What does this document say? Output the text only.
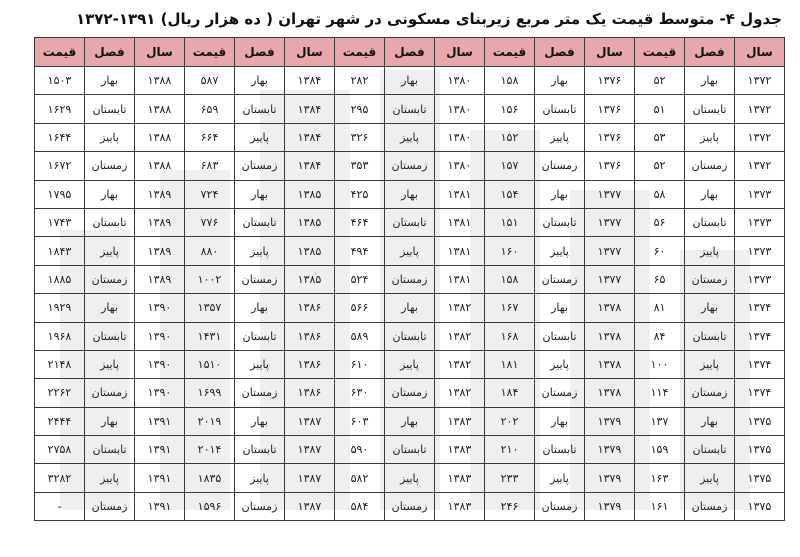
جدول ۴- متوسط قیمت یک متر مربع زیربنای مسکونی در شهر تهران ( ده هزار ریال) ۱۳۹۱-۱۳۷۲
سال	فصل	قیمت	سال	فصل	قیمت	سال	فصل	قیمت	سال	فصل	قیمت	سال	فصل	قیمت
۱۳۷۲	بهار	۵۲	۱۳۷۶	بهار	۱۵۸	۱۳۸۰	بهار	۲۸۲	۱۳۸۴	بهار	۵۸۷	۱۳۸۸	بهار	۱۵۰۳
۱۳۷۲	تابستان	۵۱	۱۳۷۶	تابستان	۱۵۶	۱۳۸۰	تابستان	۲۹۵	۱۳۸۴	تابستان	۶۵۹	۱۳۸۸	تابستان	۱۶۲۹
۱۳۷۲	پاییز	۵۳	۱۳۷۶	پاییز	۱۵۲	۱۳۸۰	پاییز	۳۲۶	۱۳۸۴	پاییز	۶۶۴	۱۳۸۸	پاییز	۱۶۴۴
۱۳۷۲	زمستان	۵۲	۱۳۷۶	زمستان	۱۵۷	۱۳۸۰	زمستان	۳۵۳	۱۳۸۴	زمستان	۶۸۳	۱۳۸۸	زمستان	۱۶۷۲
۱۳۷۳	بهار	۵۸	۱۳۷۷	بهار	۱۵۴	۱۳۸۱	بهار	۴۲۵	۱۳۸۵	بهار	۷۲۴	۱۳۸۹	بهار	۱۷۹۵
۱۳۷۳	تابستان	۵۶	۱۳۷۷	تابستان	۱۵۱	۱۳۸۱	تابستان	۴۶۴	۱۳۸۵	تابستان	۷۷۶	۱۳۸۹	تابستان	۱۷۴۳
۱۳۷۳	پاییز	۶۰	۱۳۷۷	پاییز	۱۶۰	۱۳۸۱	پاییز	۴۹۴	۱۳۸۵	پاییز	۸۸۰	۱۳۸۹	پاییز	۱۸۴۳
۱۳۷۳	زمستان	۶۵	۱۳۷۷	زمستان	۱۵۸	۱۳۸۱	زمستان	۵۲۴	۱۳۸۵	زمستان	۱۰۰۲	۱۳۸۹	زمستان	۱۸۸۵
۱۳۷۴	بهار	۸۱	۱۳۷۸	بهار	۱۶۷	۱۳۸۲	بهار	۵۶۶	۱۳۸۶	بهار	۱۳۵۷	۱۳۹۰	بهار	۱۹۲۹
۱۳۷۴	تابستان	۸۴	۱۳۷۸	تابستان	۱۶۸	۱۳۸۲	تابستان	۵۸۹	۱۳۸۶	تابستان	۱۴۳۱	۱۳۹۰	تابستان	۱۹۶۸
۱۳۷۴	پاییز	۱۰۰	۱۳۷۸	پاییز	۱۸۱	۱۳۸۲	پاییز	۶۱۰	۱۳۸۶	پاییز	۱۵۱۰	۱۳۹۰	پاییز	۲۱۴۸
۱۳۷۴	زمستان	۱۱۴	۱۳۷۸	زمستان	۱۸۴	۱۳۸۲	زمستان	۶۳۰	۱۳۸۶	زمستان	۱۶۹۹	۱۳۹۰	زمستان	۲۲۶۲
۱۳۷۵	بهار	۱۳۷	۱۳۷۹	بهار	۲۰۲	۱۳۸۳	بهار	۶۰۳	۱۳۸۷	بهار	۲۰۱۹	۱۳۹۱	بهار	۲۴۴۴
۱۳۷۵	تابستان	۱۵۹	۱۳۷۹	تابستان	۲۱۰	۱۳۸۳	تابستان	۵۹۰	۱۳۸۷	تابستان	۲۰۱۴	۱۳۹۱	تابستان	۲۷۵۸
۱۳۷۵	پاییز	۱۶۳	۱۳۷۹	پاییز	۲۳۳	۱۳۸۳	پاییز	۵۸۲	۱۳۸۷	پاییز	۱۸۳۵	۱۳۹۱	پاییز	۳۲۸۲
۱۳۷۵	زمستان	۱۶۱	۱۳۷۹	زمستان	۲۴۶	۱۳۸۳	زمستان	۵۸۴	۱۳۸۷	زمستان	۱۵۹۶	۱۳۹۱	زمستان	-
